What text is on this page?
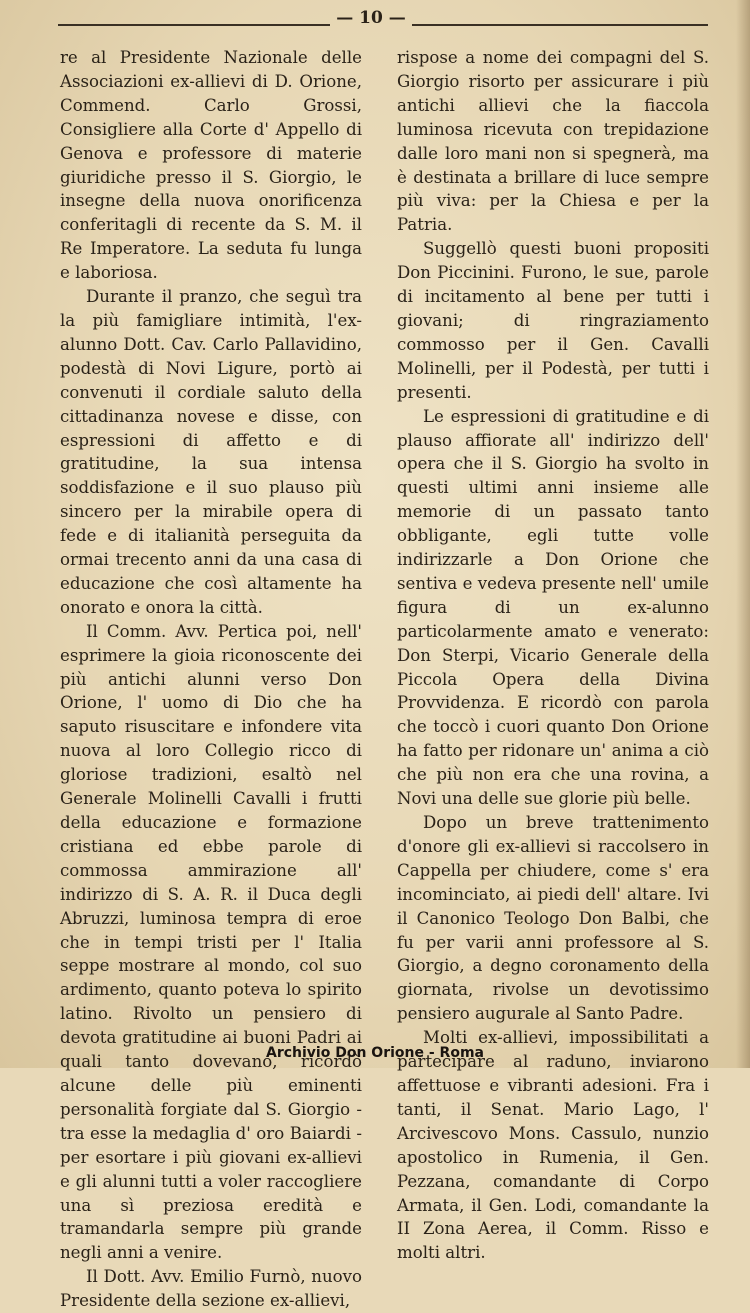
— 10 —

re al Presidente Nazionale delle Associazioni ex-allievi di D. Orione, Commend. Carlo Grossi, Consigliere alla Corte d' Appello di Genova e professore di materie giuridiche presso il S. Giorgio, le insegne della nuova onorificenza conferitagli di recente da S. M. il Re Imperatore. La seduta fu lunga e laboriosa.

Durante il pranzo, che seguì tra la più famigliare intimità, l'ex-alunno Dott. Cav. Carlo Pallavidino, podestà di Novi Ligure, portò ai convenuti il cordiale saluto della cittadinanza novese e disse, con espressioni di affetto e di gratitudine, la sua intensa soddisfazione e il suo plauso più sincero per la mirabile opera di fede e di italianità perseguita da ormai trecento anni da una casa di educazione che così altamente ha onorato e onora la città.

Il Comm. Avv. Pertica poi, nell' esprimere la gioia riconoscente dei più antichi alunni verso Don Orione, l' uomo di Dio che ha saputo risuscitare e infondere vita nuova al loro Collegio ricco di gloriose tradizioni, esaltò nel Generale Molinelli Cavalli i frutti della educazione e formazione cristiana ed ebbe parole di commossa ammirazione all' indirizzo di S. A. R. il Duca degli Abruzzi, luminosa tempra di eroe che in tempi tristi per l' Italia seppe mostrare al mondo, col suo ardimento, quanto poteva lo spirito latino. Rivolto un pensiero di devota gratitudine ai buoni Padri ai quali tanto dovevano, ricordò alcune delle più eminenti personalità forgiate dal S. Giorgio - tra esse la medaglia d' oro Baiardi - per esortare i più giovani ex-allievi e gli alunni tutti a voler raccogliere una sì preziosa eredità e tramandarla sempre più grande negli anni a venire.

Il Dott. Avv. Emilio Furnò, nuovo Presidente della sezione ex-allievi,

rispose a nome dei compagni del S. Giorgio risorto per assicurare i più antichi allievi che la fiaccola luminosa ricevuta con trepidazione dalle loro mani non si spegnerà, ma è destinata a brillare di luce sempre più viva: per la Chiesa e per la Patria.

Suggellò questi buoni propositi Don Piccinini. Furono, le sue, parole di incitamento al bene per tutti i giovani; di ringraziamento commosso per il Gen. Cavalli Molinelli, per il Podestà, per tutti i presenti.

Le espressioni di gratitudine e di plauso affiorate all' indirizzo dell' opera che il S. Giorgio ha svolto in questi ultimi anni insieme alle memorie di un passato tanto obbligante, egli tutte volle indirizzarle a Don Orione che sentiva e vedeva presente nell' umile figura di un ex-alunno particolarmente amato e venerato: Don Sterpi, Vicario Generale della Piccola Opera della Divina Provvidenza. E ricordò con parola che toccò i cuori quanto Don Orione ha fatto per ridonare un' anima a ciò che più non era che una rovina, a Novi una delle sue glorie più belle.

Dopo un breve trattenimento d'onore gli ex-allievi si raccolsero in Cappella per chiudere, come s' era incominciato, ai piedi dell' altare. Ivi il Canonico Teologo Don Balbi, che fu per varii anni professore al S. Giorgio, a degno coronamento della giornata, rivolse un devotissimo pensiero augurale al Santo Padre.

Molti ex-allievi, impossibilitati a partecipare al raduno, inviarono affettuose e vibranti adesioni. Fra i tanti, il Senat. Mario Lago, l' Arcivescovo Mons. Cassulo, nunzio apostolico in Rumenia, il Gen. Pezzana, comandante di Corpo Armata, il Gen. Lodi, comandante la II Zona Aerea, il Comm. Risso e molti altri.

Archivio Don Orione - Roma
